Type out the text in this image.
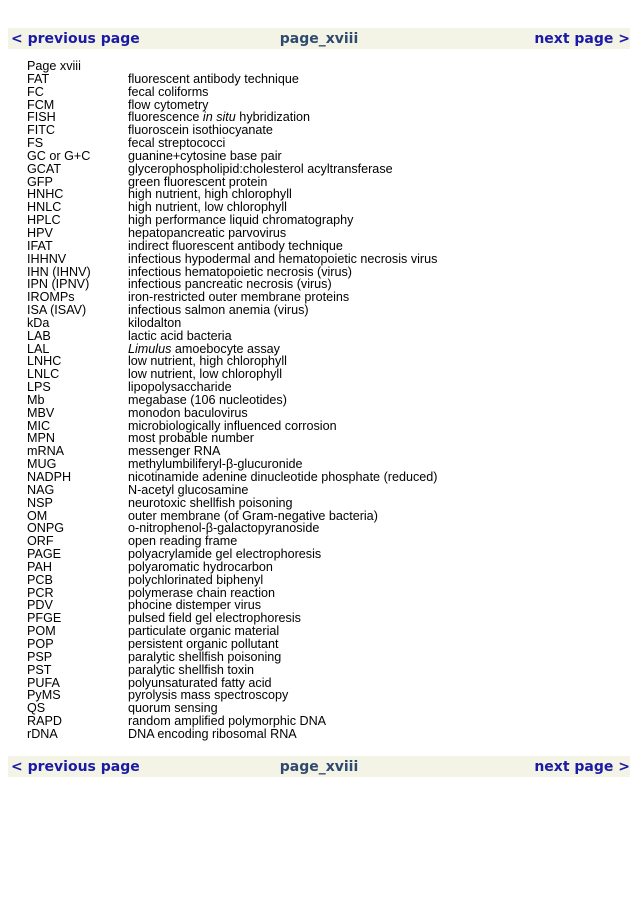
< previous page	page_xviii	next page >
Page xviii
FAT	fluorescent antibody technique
FC	fecal coliforms
FCM	flow cytometry
FISH	fluorescence in situ hybridization
FITC	fluoroscein isothiocyanate
FS	fecal streptococci
GC or G+C	guanine+cytosine base pair
GCAT	glycerophospholipid:cholesterol acyltransferase
GFP	green fluorescent protein
HNHC	high nutrient, high chlorophyll
HNLC	high nutrient, low chlorophyll
HPLC	high performance liquid chromatography
HPV	hepatopancreatic parvovirus
IFAT	indirect fluorescent antibody technique
IHHNV	infectious hypodermal and hematopoietic necrosis virus
IHN (IHNV)	infectious hematopoietic necrosis (virus)
IPN (IPNV)	infectious pancreatic necrosis (virus)
IROMPs	iron-restricted outer membrane proteins
ISA (ISAV)	infectious salmon anemia (virus)
kDa	kilodalton
LAB	lactic acid bacteria
LAL	Limulus amoebocyte assay
LNHC	low nutrient, high chlorophyll
LNLC	low nutrient, low chlorophyll
LPS	lipopolysaccharide
Mb	megabase (106 nucleotides)
MBV	monodon baculovirus
MIC	microbiologically influenced corrosion
MPN	most probable number
mRNA	messenger RNA
MUG	methylumbiliferyl-β-glucuronide
NADPH	nicotinamide adenine dinucleotide phosphate (reduced)
NAG	N-acetyl glucosamine
NSP	neurotoxic shellfish poisoning
OM	outer membrane (of Gram-negative bacteria)
ONPG	o-nitrophenol-β-galactopyranoside
ORF	open reading frame
PAGE	polyacrylamide gel electrophoresis
PAH	polyaromatic hydrocarbon
PCB	polychlorinated biphenyl
PCR	polymerase chain reaction
PDV	phocine distemper virus
PFGE	pulsed field gel electrophoresis
POM	particulate organic material
POP	persistent organic pollutant
PSP	paralytic shellfish poisoning
PST	paralytic shellfish toxin
PUFA	polyunsaturated fatty acid
PyMS	pyrolysis mass spectroscopy
QS	quorum sensing
RAPD	random amplified polymorphic DNA
rDNA	DNA encoding ribosomal RNA
< previous page	page_xviii	next page >
